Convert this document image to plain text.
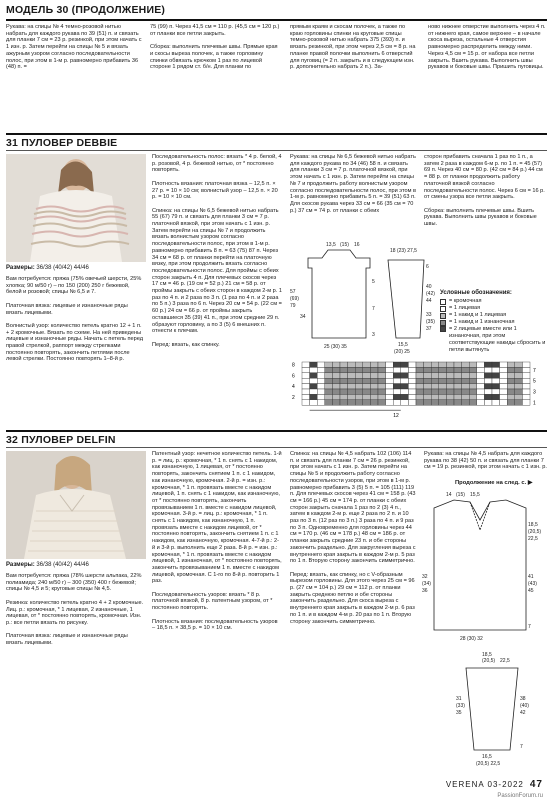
МОДЕЛЬ 30 (ПРОДОЛЖЕНИЕ)
Рукава: на спицы № 4 темно-розовой нитью набрать для каждого рукава по 39 (51) п. и связать для планки 7 см = 23 р. резинкой, при этом начать с 1 изн. р. Затем перейти на спицы № 5 и вязать ажурным узором согласно последовательности полос, при этом в 1-м р. равномерно прибавить 36 (48) п. =
75 (99) п. Через 41,5 см = 110 р. (45,5 см = 120 р.) от планки все петли закрыть.

Сборка: выполнить плечевые швы. Прямые края и скосы выреза полочек, а также горловину спинки обвязать крючком 1 раз по лицевой стороне 1 рядом ст. б/н. Для планки по
прямым краям и скосам полочек, а также по краю горловины спинки на круговые спицы темно-розовой нитью набрать 375 (393) п. и вязать резинкой, при этом через 2,5 см = 8 р. на планке правой полочки выполнить 6 отверстий для пуговиц (= 2 п. закрыть и в следующем изн. р. дополнительно набрать 2 п.). За-
ново нижнее отверстие выполнить через 4 п. от нижнего края, самое верхнее – в начале скоса выреза, остальные 4 отверстия равномерно распределить между ними. Через 4,5 см = 15 р. от набора все петли закрыть. Вшить рукава. Выполнить швы рукавов и боковые швы. Пришить пуговицы.
31 ПУЛОВЕР DEBBIE
Размеры: 36/38 (40/42) 44/46
Вам потребуется: пряжа (75% овечьей шерсти, 25% хлопка; 90 м/50 г) – по 150 (200) 250 г бежевой, белой и розовой; спицы № 6,5 и 7.

Платочная вязка: лицевые и изнаночные ряды вязать лицевыми.

Волнистый узор: количество петель кратно 12 + 1 п. + 2 кромочные. Вязать по схеме. На ней приведены лицевые и изнаночные ряды. Начать с петель перед правой стрелкой, раппорт между стрелками постоянно повторять, закончить петлями после левой стрелки. Постоянно повторять 1–8-й р.
Последовательность полос: вязать * 4 р. белой, 4 р. розовой, 4 р. бежевой нитью, от * постоянно повторять.

Плотность вязания: платочная вязка – 12,5 п. × 27 р. = 10 × 10 см; волнистый узор – 12,5 п. × 20 р. = 10 × 10 см.

Спинка: на спицы № 6,5 бежевой нитью набрать 55 (67) 79 п. и связать для планки 3 см = 7 р. платочной вязкой, при этом начать с 1 изн. р. Затем перейти на спицы № 7 и продолжить вязать волнистым узором согласно последовательности полос, при этом в 1-м р. равномерно прибавить 8 п. = 63 (75) 87 п. Через 34 см = 68 р. от планки перейти на платочную вязку, при этом продолжить вязать согласно последовательности полос. Для проймы с обеих сторон закрыть 4 п. Для плечевых скосов через 17 см = 46 р. (19 см = 52 р.) 21 см = 58 р. от проймы закрыть с обеих сторон в каждом 2-м р. 1 раз по 4 п. и 2 раза по 3 п. (1 раз по 4 п. и 2 раза по 5 п.) 3 раза по 6 п. Через 20 см = 54 р. (22 см = 60 р.) 24 см = 66 р. от проймы закрыть оставшиеся 35 (39) 41 п., при этом средние 29 п. образуют горловину, а по 3 (5) 6 внешних п. отнести к плечам.

Перед: вязать, как спинку.
Рукава: на спицы № 6,5 бежевой нитью набрать для каждого рукава по 34 (46) 58 п. и связать для планки 3 см = 7 р. платочной вязкой, при этом начать с 1 изн. р. Затем перейти на спицы № 7 и продолжить работу волнистым узором согласно последовательности полос, при этом в 1-м р. равномерно прибавить 5 п. = 39 (51) 63 п. Для скосов рукава через 33 см = 66 (35 см = 70 р.) 37 см = 74 р. от планки с обеих
сторон прибавить сначала 1 раз по 1 п., а затем 2 раза в каждом 6-м р. по 1 п. = 45 (57) 69 п. Через 40 см = 80 р. (42 см = 84 р.) 44 см = 88 р. от планки продолжить работу платочной вязкой согласно последовательности полос. Через 6 см = 16 р. от смены узора все петли закрыть.

Сборка: выполнить плечевые швы. Вшить рукава. Выполнить швы рукавов и боковые швы.
13,5 (15) 16
5
7
3
57
(69)
79
34
25 (30) 35
18 (23) 27,5
6
40
(42)
44
33
(35)
37
15,5
(20) 25
Условные обозначения:
= кромочная
= 1 лицевая
= 1 накид и 1 лицевая
= 1 накид и 1 изнаночная
= 2 лицевые вместе или 1 изнаночная, при этом соответствующие накиды сбросить и петли вытянуть
8
6
4
2
7
5
3
1
12
32 ПУЛОВЕР DELFIN
Размеры: 36/38 (40/42) 44/46
Вам потребуется: пряжа (78% шерсти альпака, 22% полиамида; 240 м/50 г) – 300 (350) 400 г бежевой; спицы № 4,5 и 5; круговые спицы № 4,5.

Резинка: количество петель кратно 4 + 2 кромочные. Лиц. р.: кромочная, * 1 лицевая, 2 изнаночные, 1 лицевая, от * постоянно повторять, кромочная. Изн. р.: все петли вязать по рисунку.

Платочная вязка: лицевые и изнаночные ряды вязать лицевыми.
Патентный узор: нечетное количество петель. 1-й р. = лиц. р.: кромочная, * 1 п. снять с 1 накидом, как изнаночную, 1 лицевая, от * постоянно повторять, закончить снятием 1 п. с 1 накидом, как изнаночную, кромочная. 2-й р. = изн. р.: кромочная, * 1 п. провязать вместе с накидом лицевой, 1 п. снять с 1 накидом, как изнаночную, от * постоянно повторять, закончить провязыванием 1 п. вместе с накидом лицевой, кромочная. 3-й р. = лиц. р.: кромочная, * 1 п. снять с 1 накидом, как изнаночную, 1 п. провязать вместе с накидом лицевой, от * постоянно повторять, закончить снятием 1 п. с 1 накидом, как изнаночную, кромочная. 4-7-й р.: 2-й и 3-й р. выполнить еще 2 раза. 8-й р. = изн. р.: кромочная, * 1 п. провязать вместе с накидом лицевой, 1 изнаночная, от * постоянно повторять, закончить провязыванием 1 п. вместе с накидом лицевой, кромочная. С 1-го по 8-й р. повторить 1 раз.

Последовательность узоров: вязать * 8 р. платочной вязкой, 8 р. патентным узором, от * постоянно повторять.

Плотность вязания: последовательность узоров – 18,5 п. × 38,5 р. = 10 × 10 см.
Спинка: на спицы № 4,5 набрать 102 (106) 114 п. и связать для планки 7 см = 26 р. резинкой, при этом начать с 1 изн. р. Затем перейти на спицы № 5 и продолжить работу согласно последовательности узоров, при этом в 1-м р. равномерно прибавить 3 (5) 5 п. = 105 (111) 119 п. Для плечевых скосов через 41 см = 158 р. (43 см = 166 р.) 45 см = 174 р. от планки с обеих сторон закрыть сначала 1 раз по 2 (3) 4 п., затем в каждом 2-м р. еще 2 раза по 2 п. и 10 раз по 3 п. (12 раз по 3 п.) 3 раза по 4 п. и 9 раз по 3 п. Одновременно для горловины через 44 см = 170 р. (46 см = 178 р.) 48 см = 186 р. от планки закрыть средние 23 п. и обе стороны закончить раздельно. Для закругления выреза с внутреннего края закрыть в каждом 2-м р. 5 раз по 1 п. Вторую сторону закончить симметрично.

Перед: вязать, как спинку, но с V-образным вырезом горловины. Для этого через 25 см = 96 р. (27 см = 104 р.) 29 см = 112 р. от планки закрыть среднюю петлю и обе стороны закончить раздельно. Для скоса выреза с внутреннего края закрыть в каждом 2-м р. 6 раз по 1 п. и в каждом 4-м р. 20 раз по 1 п. Вторую сторону закончить симметрично.
Рукава: на спицы № 4,5 набрать для каждого рукава по 38 (42) 50 п. и связать для планки 7 см = 19 р. резинкой, при этом начать с 1 изн. р.
Продолжение на след. с. ▶
14 (15) 15,5
18,5
(20,5)
22,5
32
(34)
36
41
(43)
45
7
28 (30) 32
18,5
(20,5) 22,5
31
(33)
35
38
(40)
42
7
16,5
(20,5) 22,5
VERENA 03-2022 47
PassionForum.ru
